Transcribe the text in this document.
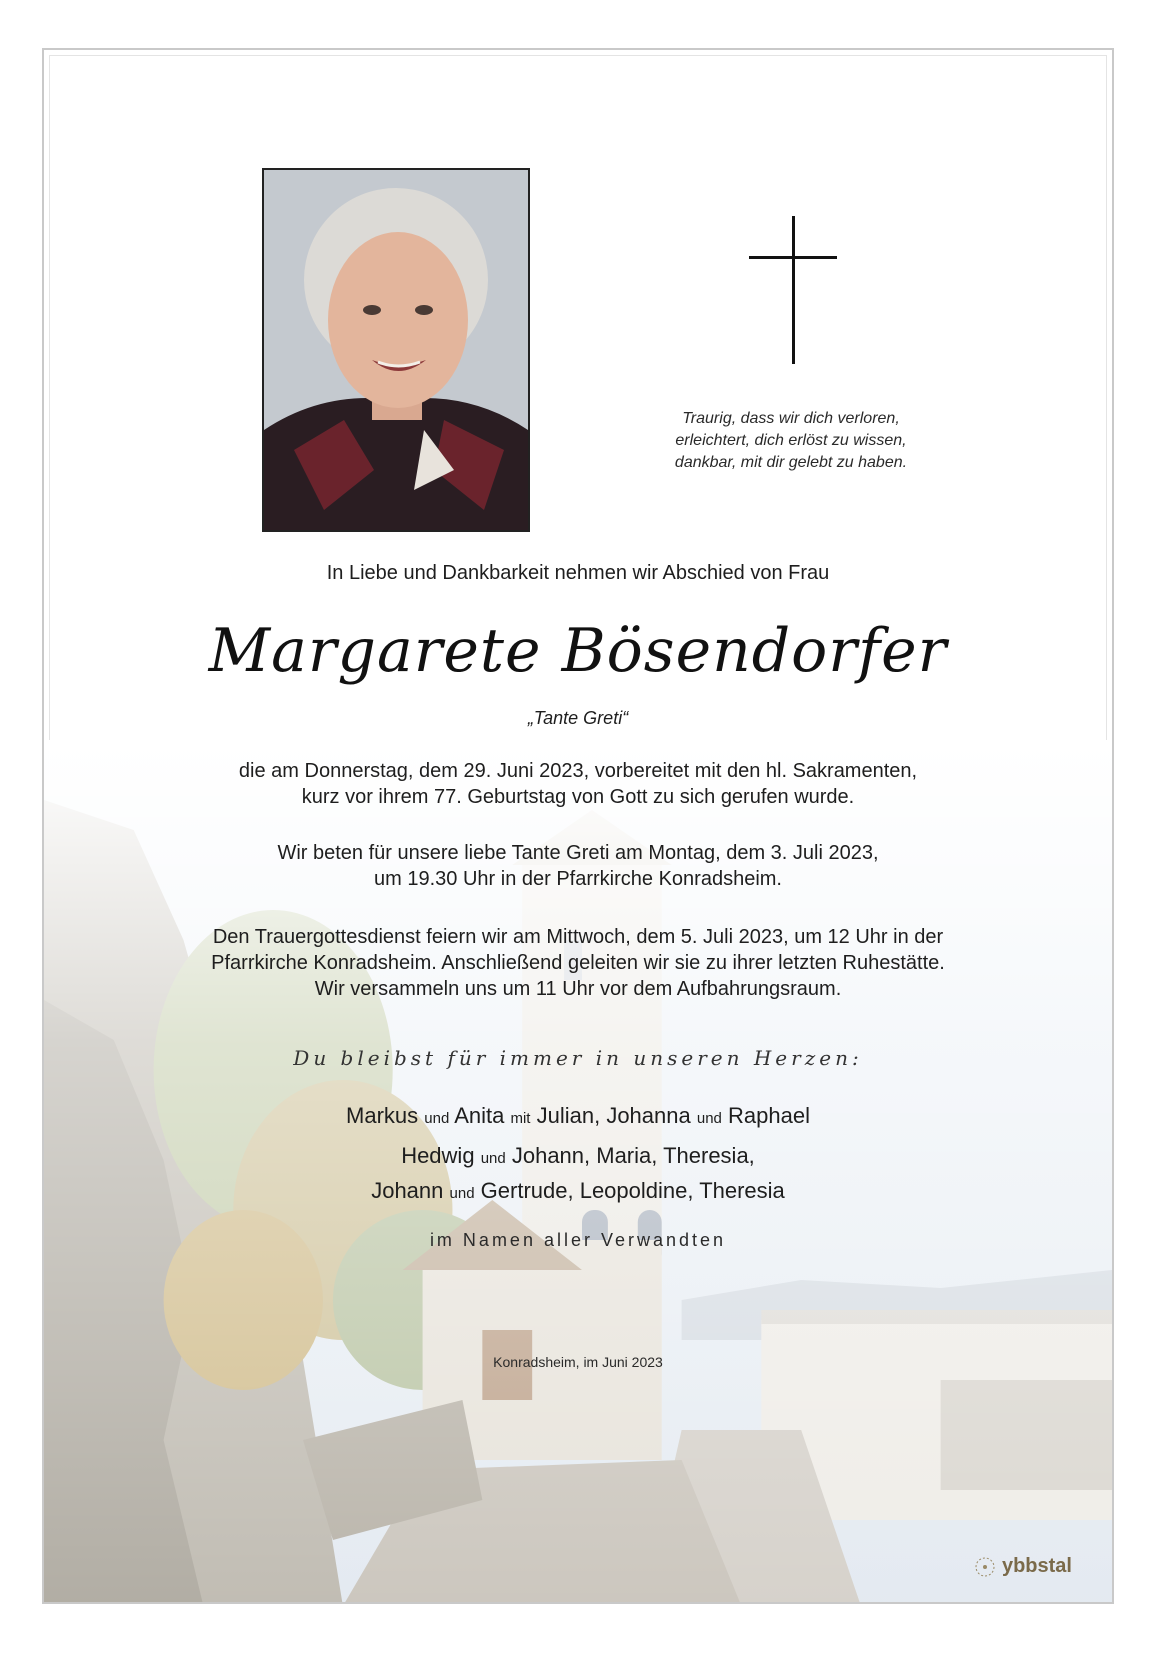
Traurig, dass wir dich verloren,
erleichtert, dich erlöst zu wissen,
dankbar, mit dir gelebt zu haben.
In Liebe und Dankbarkeit nehmen wir Abschied von Frau
Margarete Bösendorfer
„Tante Greti“
die am Donnerstag, dem 29. Juni 2023, vorbereitet mit den hl. Sakramenten,
kurz vor ihrem 77. Geburtstag von Gott zu sich gerufen wurde.
Wir beten für unsere liebe Tante Greti am Montag, dem 3. Juli 2023,
um 19.30 Uhr in der Pfarrkirche Konradsheim.
Den Trauergottesdienst feiern wir am Mittwoch, dem 5. Juli 2023, um 12 Uhr in der
Pfarrkirche Konradsheim. Anschließend geleiten wir sie zu ihrer letzten Ruhestätte.
Wir versammeln uns um 11 Uhr vor dem Aufbahrungsraum.
Du bleibst für immer in unseren Herzen:
Markus und Anita mit Julian, Johanna und Raphael
Hedwig und Johann, Maria, Theresia,
Johann und Gertrude, Leopoldine, Theresia
im Namen aller Verwandten
Konradsheim, im Juni 2023
ybbstal
